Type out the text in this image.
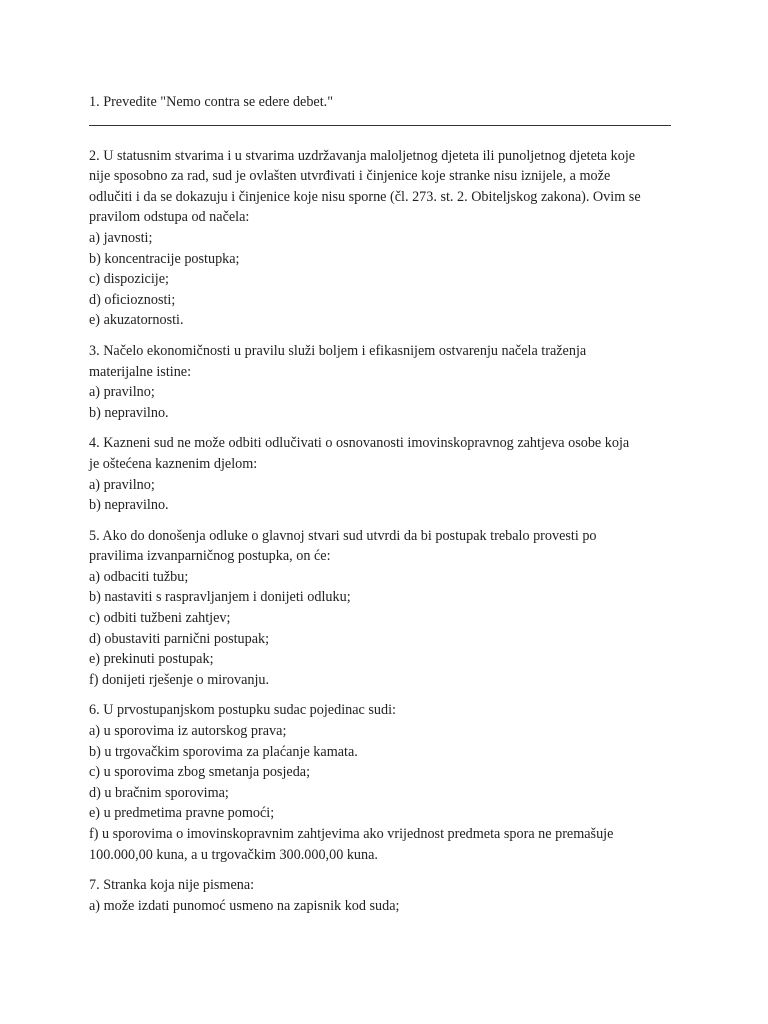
1. Prevedite "Nemo contra se edere debet."

2. U statusnim stvarima i u stvarima uzdržavanja maloljetnog djeteta ili punoljetnog djeteta koje

nije sposobno za rad, sud je ovlašten utvrđivati i činjenice koje stranke nisu iznijele, a može

odlučiti i da se dokazuju i činjenice koje nisu sporne (čl. 273. st. 2. Obiteljskog zakona). Ovim se

pravilom odstupa od načela:

a) javnosti;
b) koncentracije postupka;
c) dispozicije;
d) oficioznosti;
e) akuzatornosti.

3. Načelo ekonomičnosti u pravilu služi boljem i efikasnijem ostvarenju načela traženja

materijalne istine:

a) pravilno;
b) nepravilno.

4. Kazneni sud ne može odbiti odlučivati o osnovanosti imovinskopravnog zahtjeva osobe koja

je oštećena kaznenim djelom:

a) pravilno;
b) nepravilno.

5. Ako do donošenja odluke o glavnoj stvari sud utvrdi da bi postupak trebalo provesti po

pravilima izvanparničnog postupka, on će:

a) odbaciti tužbu;
b) nastaviti s raspravljanjem i donijeti odluku;
c) odbiti tužbeni zahtjev;
d) obustaviti parnični postupak;
e) prekinuti postupak;
f) donijeti rješenje o mirovanju.

6. U prvostupanjskom postupku sudac pojedinac sudi:

a) u sporovima iz autorskog prava;
b) u trgovačkim sporovima za plaćanje kamata.
c) u sporovima zbog smetanja posjeda;
d) u bračnim sporovima;
e) u predmetima pravne pomoći;
f) u sporovima o imovinskopravnim zahtjevima ako vrijednost predmeta spora ne premašuje
100.000,00 kuna, a u trgovačkim 300.000,00 kuna.

7. Stranka koja nije pismena:

a) može izdati punomoć usmeno na zapisnik kod suda;
